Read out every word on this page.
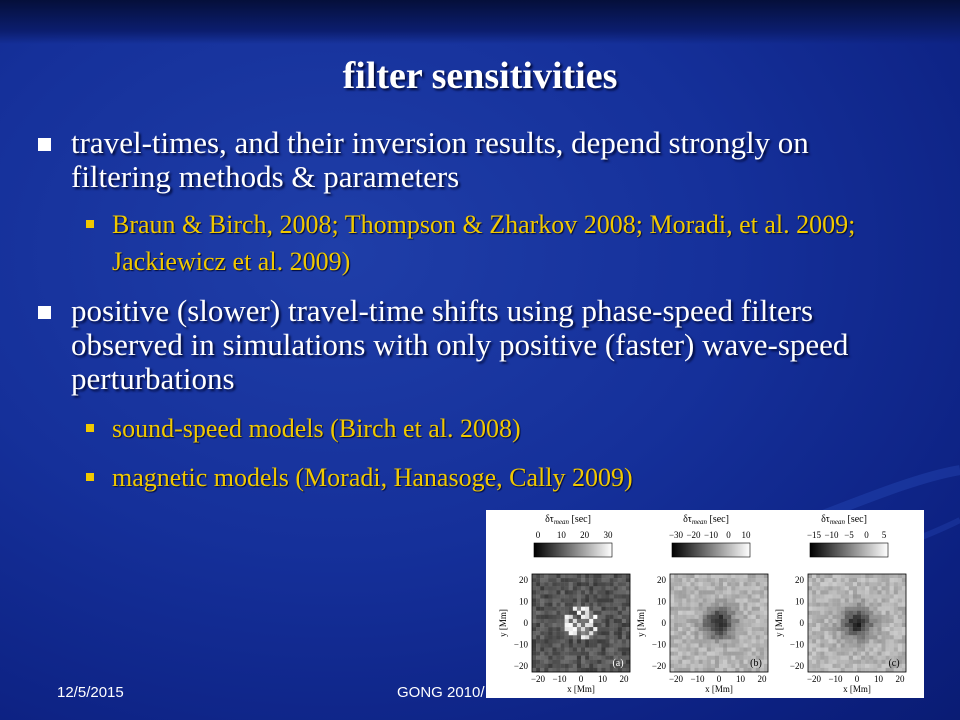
filter sensitivities
travel-times, and their inversion results, depend strongly on filtering methods & parameters
Braun & Birch, 2008; Thompson & Zharkov 2008; Moradi, et al. 2009; Jackiewicz et al. 2009)
positive (slower) travel-time shifts using phase-speed filters observed in simulations with only positive (faster) wave-speed perturbations
sound-speed models (Birch et al. 2008)
magnetic models (Moradi, Hanasoge, Cally 2009)
$\delta\tau_{mean}$ [sec]
0 10 20 30
20
10
0
−10
−20
y [Mm]
−20 −10 0 10 20
x [Mm]
(a)
$\delta\tau_{mean}$ [sec]
−30 −20 −10 0 10
20
10
0
−10
−20
y [Mm]
−20 −10 0 10 20
x [Mm]
(b)
$\delta\tau_{mean}$ [sec]
−15 −10 −5 0 5
20
10
0
−10
−20
y [Mm]
−20 −10 0 10 20
x [Mm]
(c)
12/5/2015	GONG 2010/
